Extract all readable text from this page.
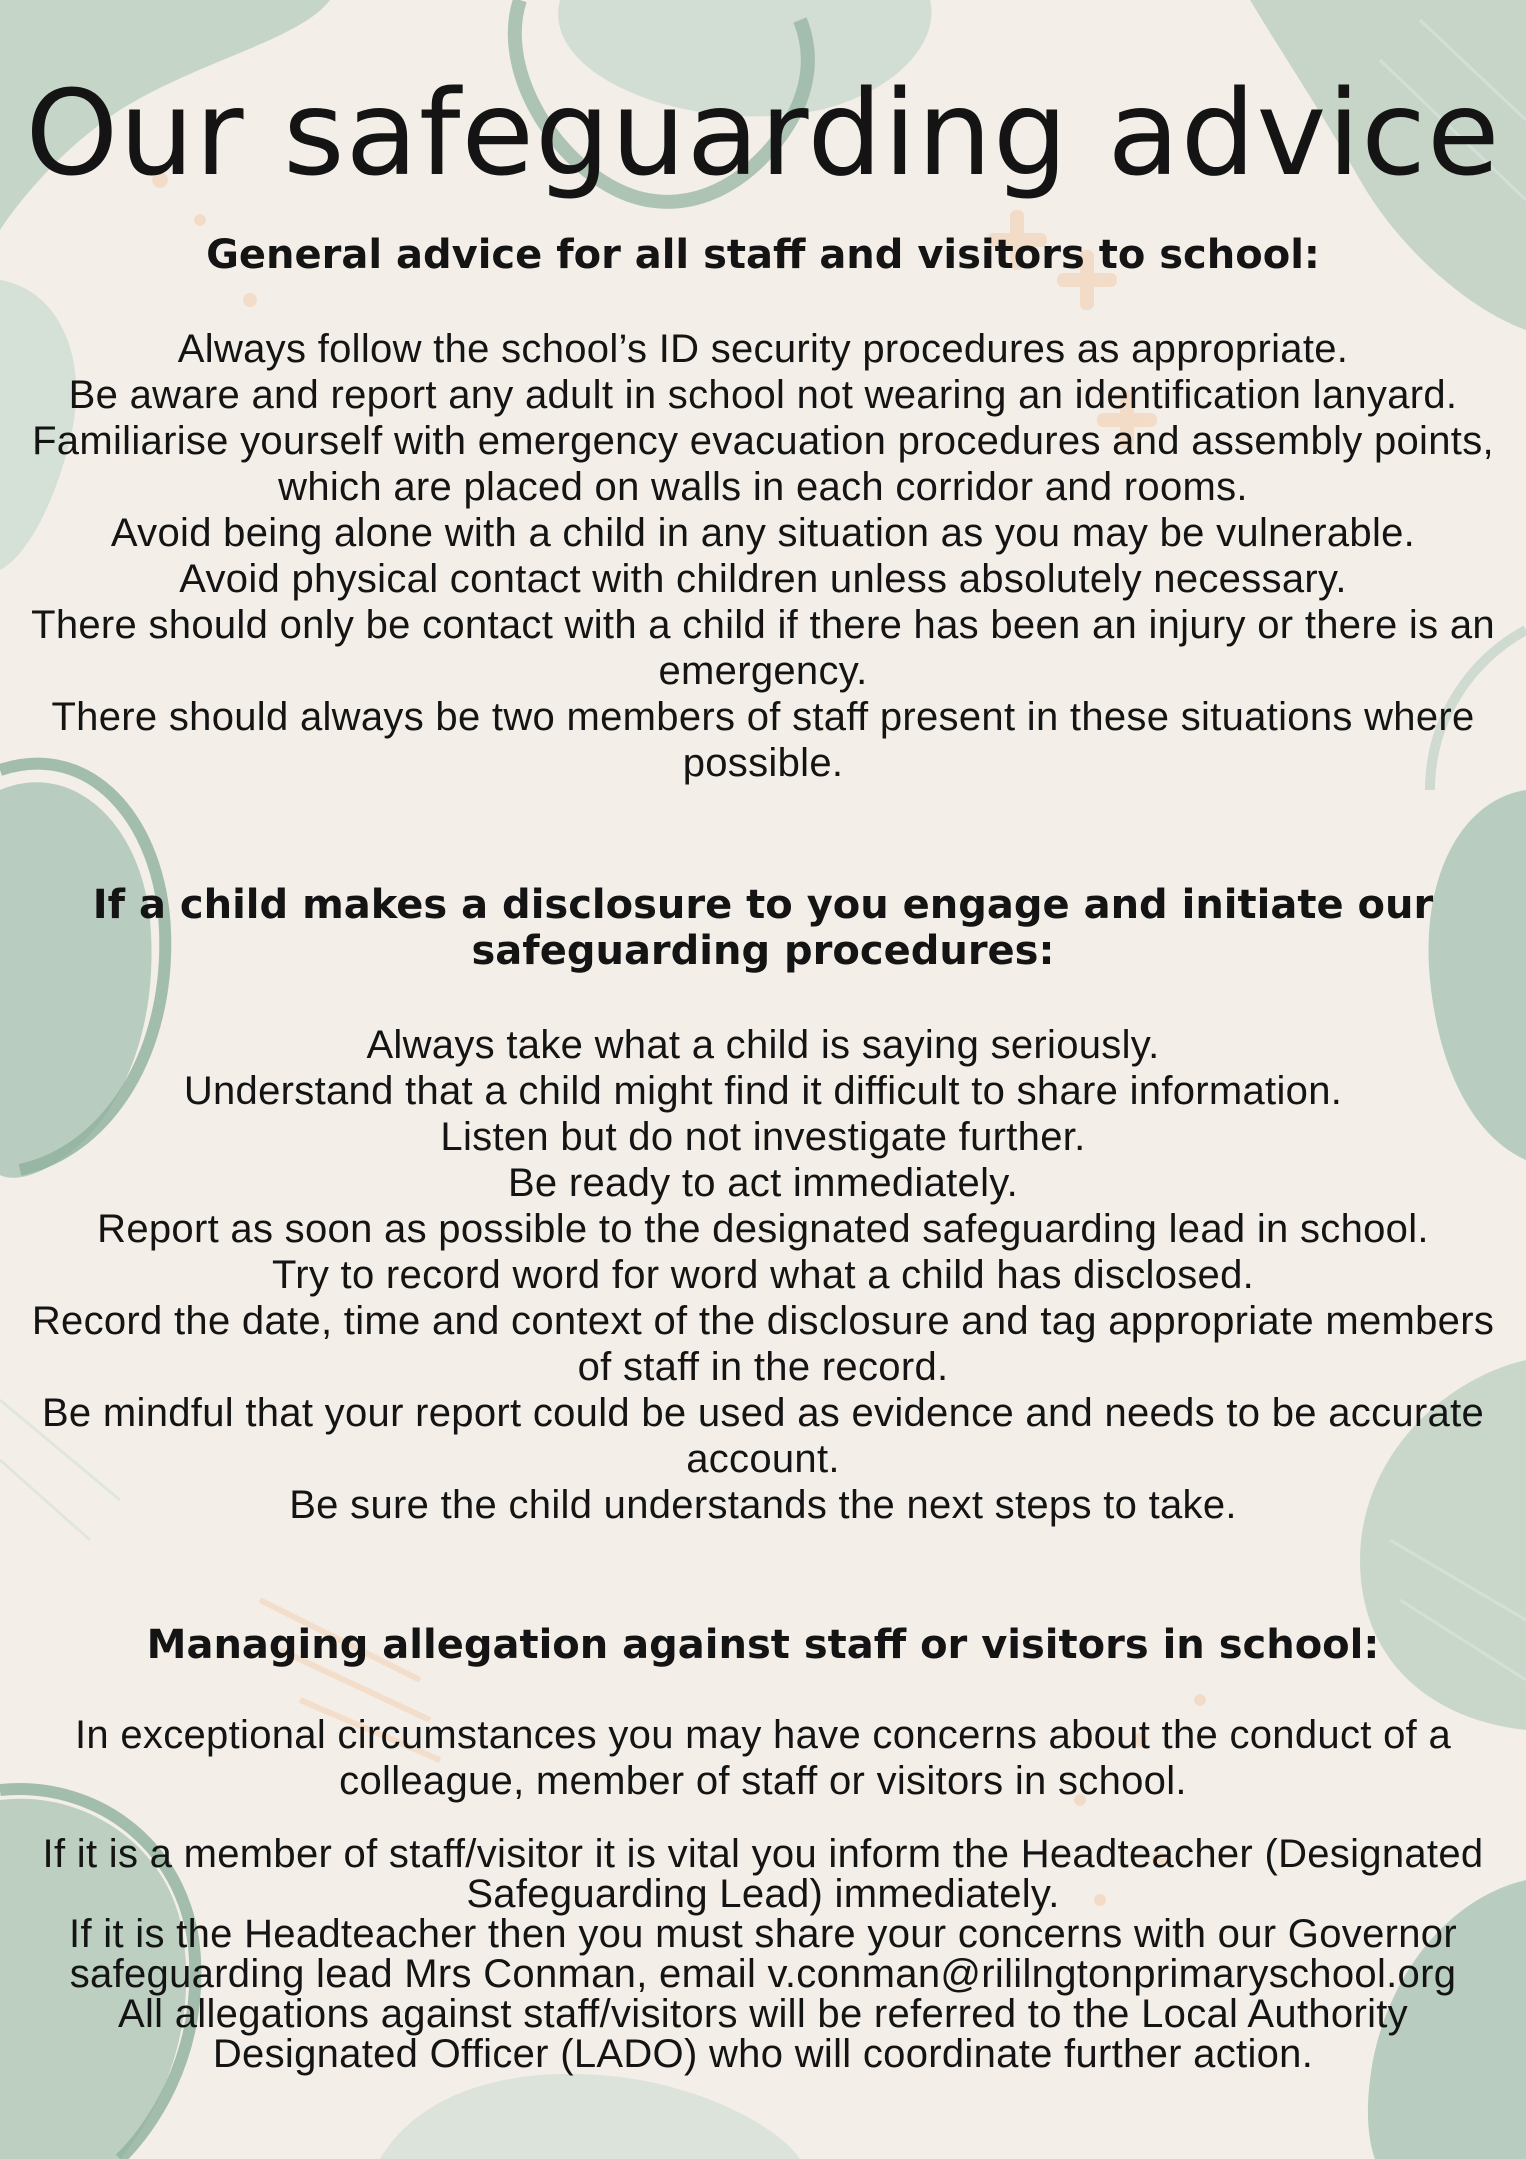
Our safeguarding advice
General advice for all staff and visitors to school:
Always follow the school’s ID security procedures as appropriate.
Be aware and report any adult in school not wearing an identification lanyard.
Familiarise yourself with emergency evacuation procedures and assembly points, which are placed on walls in each corridor and rooms.
Avoid being alone with a child in any situation as you may be vulnerable.
Avoid physical contact with children unless absolutely necessary.
There should only be contact with a child if there has been an injury or there is an emergency.
There should always be two members of staff present in these situations where possible.
If a child makes a disclosure to you engage and initiate our safeguarding procedures:
Always take what a child is saying seriously.
Understand that a child might find it difficult to share information.
Listen but do not investigate further.
Be ready to act immediately.
Report as soon as possible to the designated safeguarding lead in school.
Try to record word for word what a child has disclosed.
Record the date, time and context of the disclosure and tag appropriate members of staff in the record.
Be mindful that your report could be used as evidence and needs to be accurate account.
Be sure the child understands the next steps to take.
Managing allegation against staff or visitors in school:
In exceptional circumstances you may have concerns about the conduct of a colleague, member of staff or visitors in school.
If it is a member of staff/visitor it is vital you inform the Headteacher (Designated Safeguarding Lead) immediately.
If it is the Headteacher then you must share your concerns with our Governor safeguarding lead Mrs Conman, email v.conman@rililngtonprimaryschool.org
All allegations against staff/visitors will be referred to the Local Authority Designated Officer (LADO) who will coordinate further action.
